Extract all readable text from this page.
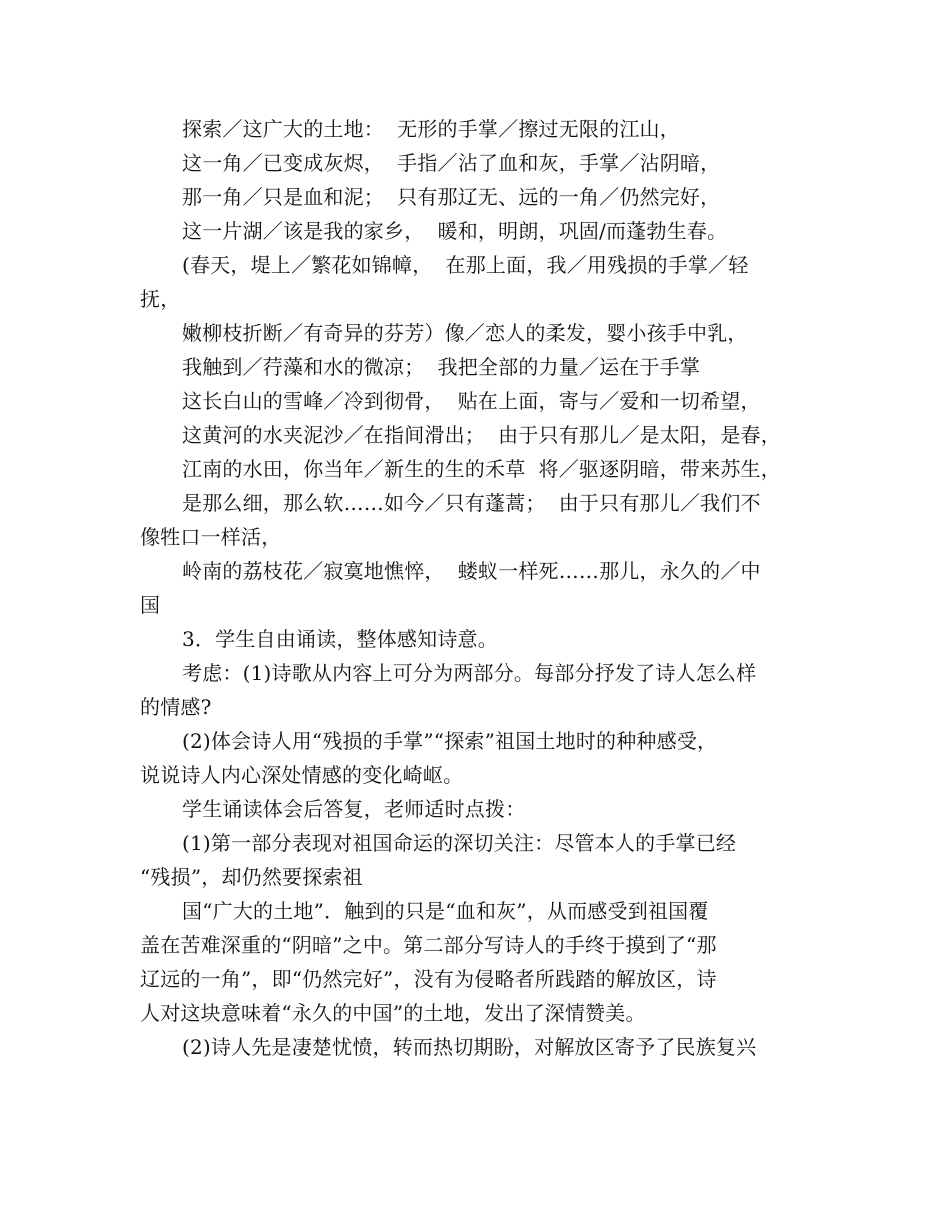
探索／这广大的土地：  无形的手掌／擦过无限的江山，

这一角／已变成灰烬，  手指／沾了血和灰，手掌／沾阴暗，

那一角／只是血和泥；  只有那辽无、远的一角／仍然完好，

这一片湖／该是我的家乡，  暖和，明朗，巩固/而蓬勃生春。

(春天，堤上／繁花如锦幛，  在那上面，我／用残损的手掌／轻

抚，

嫩柳枝折断／有奇异的芬芳）像／恋人的柔发，婴小孩手中乳，

我触到／荇藻和水的微凉；  我把全部的力量／运在于手掌

这长白山的雪峰／冷到彻骨，  贴在上面，寄与／爱和一切希望，

这黄河的水夹泥沙／在指间滑出；  由于只有那儿／是太阳，是春，

江南的水田，你当年／新生的生的禾草  将／驱逐阴暗，带来苏生，

是那么细，那么软……如今／只有蓬蒿；  由于只有那儿／我们不

像牲口一样活，

岭南的荔枝花／寂寞地憔悴，  蝼蚁一样死……那儿，永久的／中

国

3．学生自由诵读，整体感知诗意。

考虑：(1)诗歌从内容上可分为两部分。每部分抒发了诗人怎么样

的情感?

(2)体会诗人用“残损的手掌”“探索”祖国土地时的种种感受，

说说诗人内心深处情感的变化崎岖。

学生诵读体会后答复，老师适时点拨：

(1)第一部分表现对祖国命运的深切关注：尽管本人的手掌已经

“残损”，却仍然要探索祖

国“广大的土地”．触到的只是“血和灰”，从而感受到祖国覆

盖在苦难深重的“阴暗”之中。第二部分写诗人的手终于摸到了“那

辽远的一角”，即“仍然完好”，没有为侵略者所践踏的解放区，诗

人对这块意味着“永久的中国”的土地，发出了深情赞美。

(2)诗人先是凄楚忧愤，转而热切期盼，对解放区寄予了民族复兴
